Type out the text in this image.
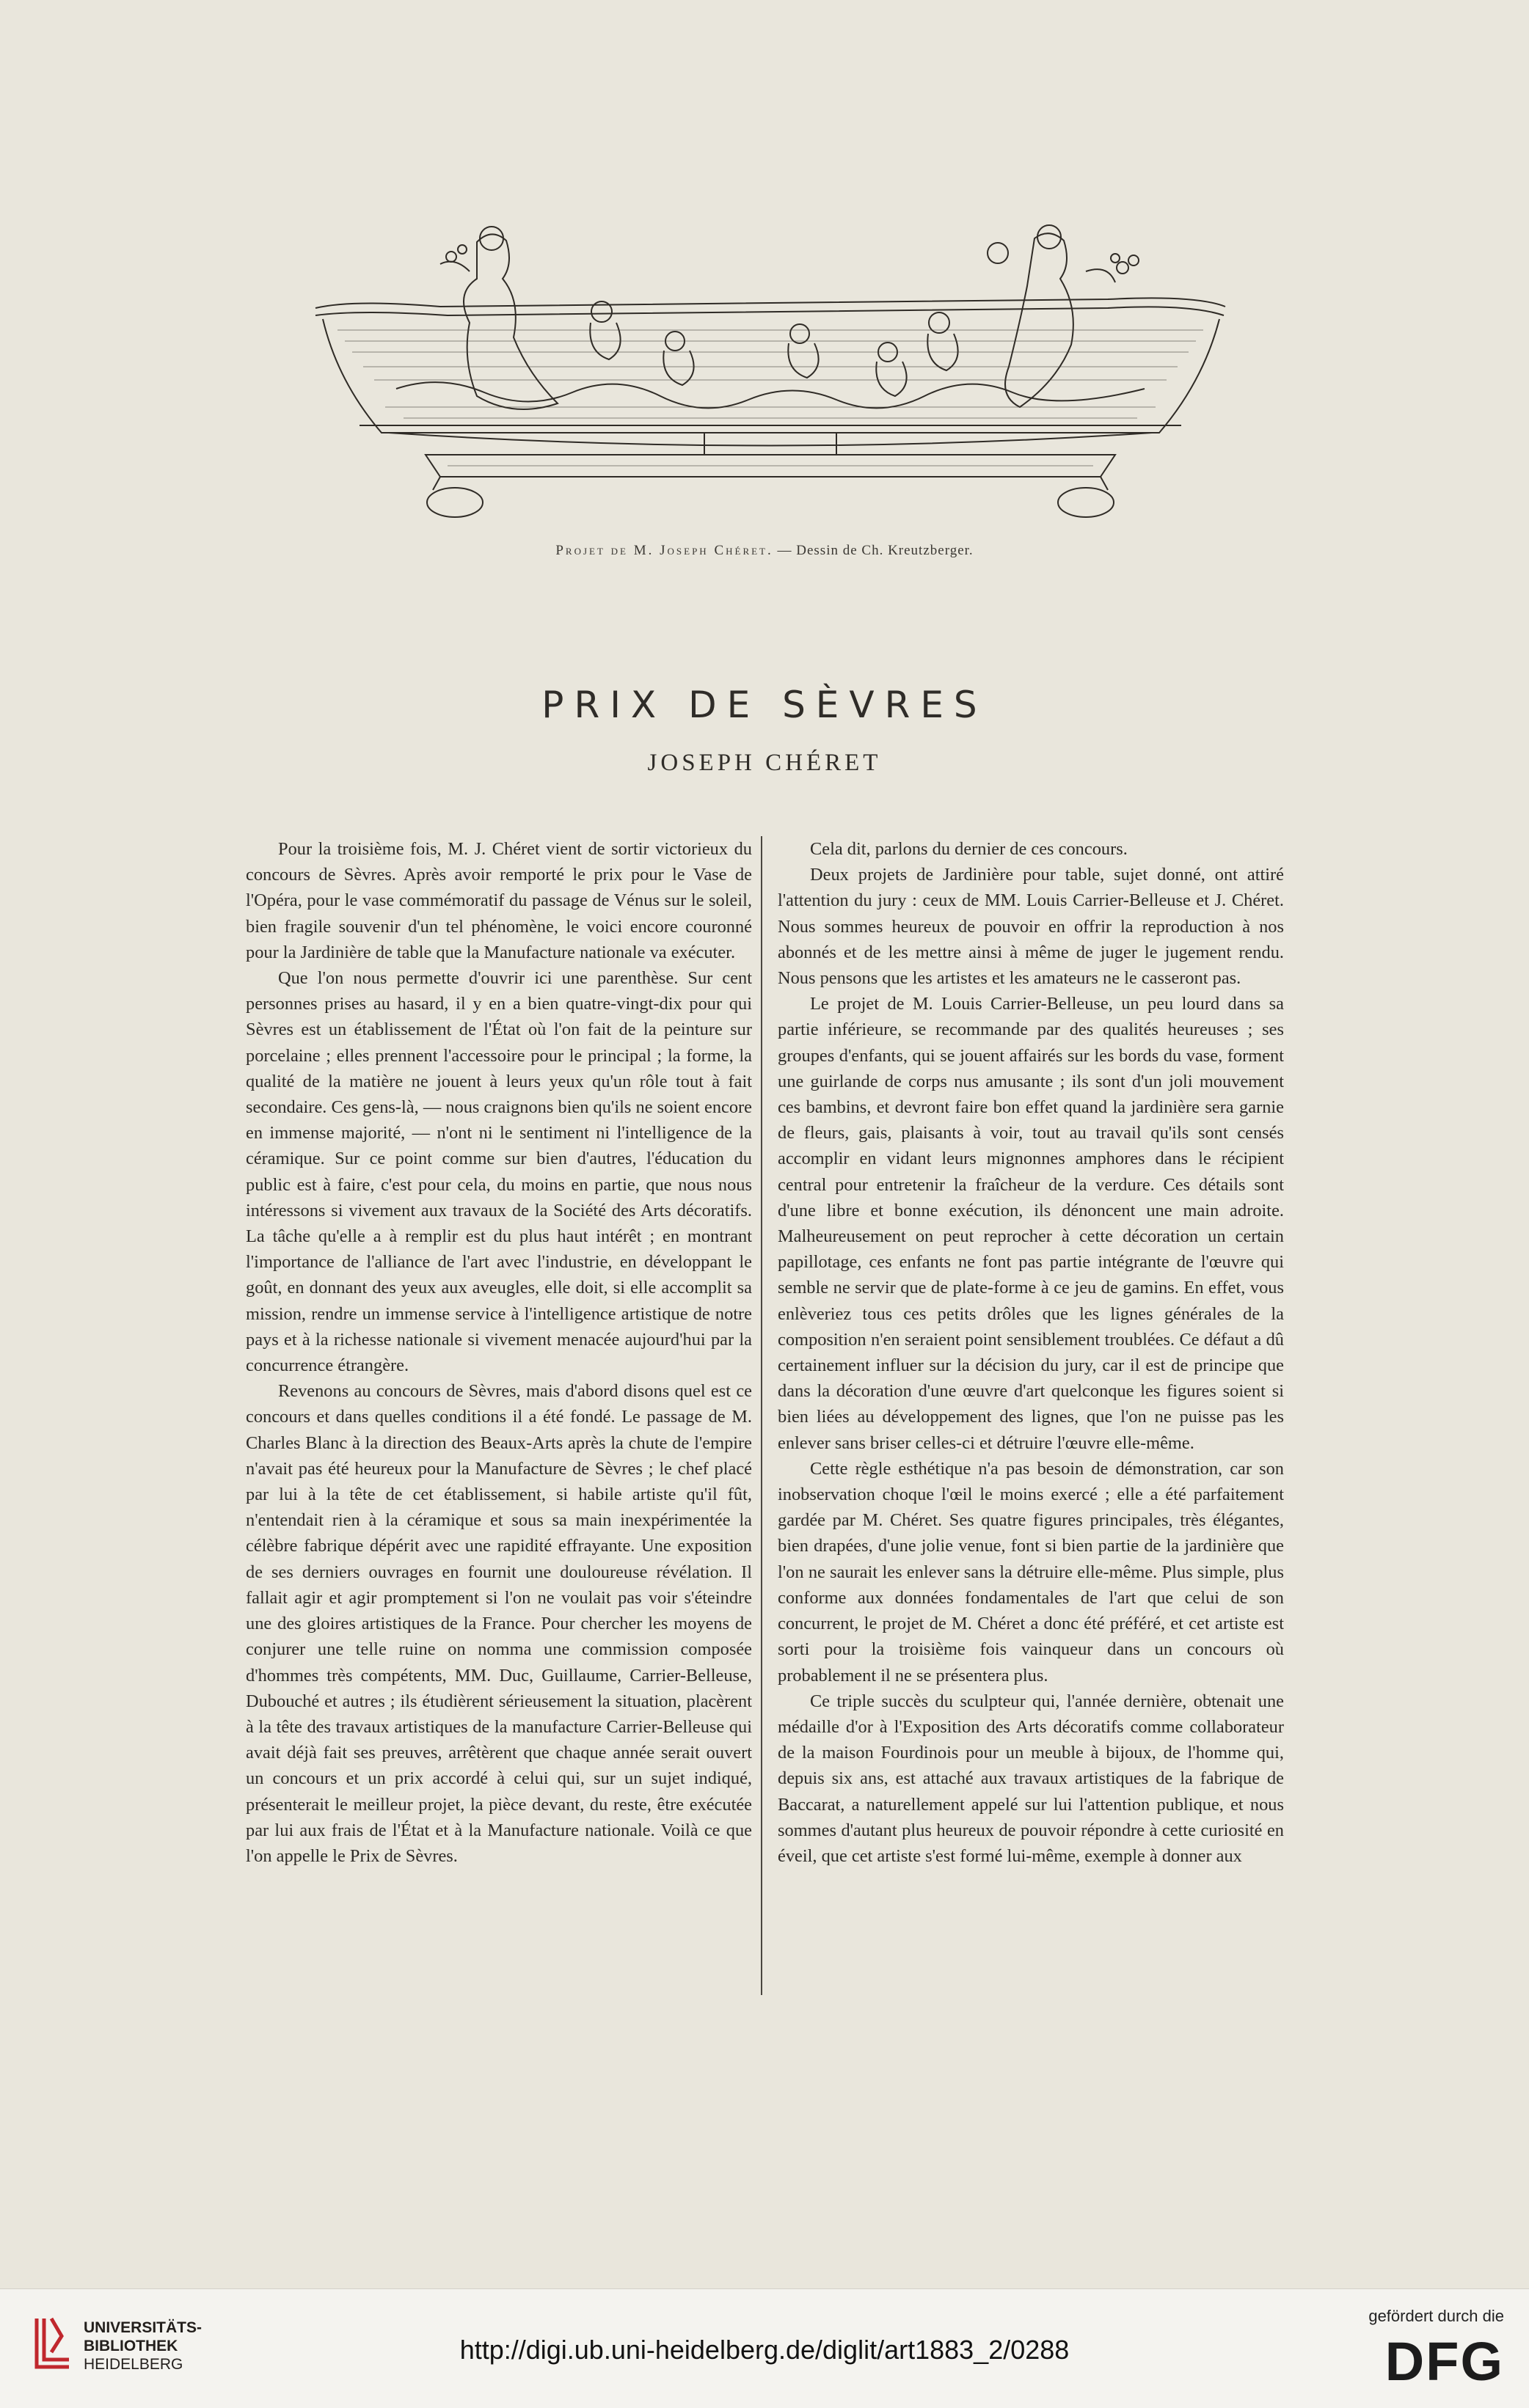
Projet de M. Joseph Chéret. — Dessin de Ch. Kreutzberger.
PRIX DE SÈVRES
JOSEPH CHÉRET

Pour la troisième fois, M. J. Chéret vient de sortir victorieux du concours de Sèvres. Après avoir remporté le prix pour le Vase de l'Opéra, pour le vase commémoratif du passage de Vénus sur le soleil, bien fragile souvenir d'un tel phénomène, le voici encore couronné pour la Jardinière de table que la Manufacture nationale va exécuter.

Que l'on nous permette d'ouvrir ici une parenthèse. Sur cent personnes prises au hasard, il y en a bien quatre-vingt-dix pour qui Sèvres est un établissement de l'État où l'on fait de la peinture sur porcelaine ; elles prennent l'accessoire pour le principal ; la forme, la qualité de la matière ne jouent à leurs yeux qu'un rôle tout à fait secondaire. Ces gens-là, — nous craignons bien qu'ils ne soient encore en immense majorité, — n'ont ni le sentiment ni l'intelligence de la céramique. Sur ce point comme sur bien d'autres, l'éducation du public est à faire, c'est pour cela, du moins en partie, que nous nous intéressons si vivement aux travaux de la Société des Arts décoratifs. La tâche qu'elle a à remplir est du plus haut intérêt ; en montrant l'importance de l'alliance de l'art avec l'industrie, en développant le goût, en donnant des yeux aux aveugles, elle doit, si elle accomplit sa mission, rendre un immense service à l'intelligence artistique de notre pays et à la richesse nationale si vivement menacée aujourd'hui par la concurrence étrangère.

Revenons au concours de Sèvres, mais d'abord disons quel est ce concours et dans quelles conditions il a été fondé. Le passage de M. Charles Blanc à la direction des Beaux-Arts après la chute de l'empire n'avait pas été heureux pour la Manufacture de Sèvres ; le chef placé par lui à la tête de cet établissement, si habile artiste qu'il fût, n'entendait rien à la céramique et sous sa main inexpérimentée la célèbre fabrique dépérit avec une rapidité effrayante. Une exposition de ses derniers ouvrages en fournit une douloureuse révélation. Il fallait agir et agir promptement si l'on ne voulait pas voir s'éteindre une des gloires artistiques de la France. Pour chercher les moyens de conjurer une telle ruine on nomma une commission composée d'hommes très compétents, MM. Duc, Guillaume, Carrier-Belleuse, Dubouché et autres ; ils étudièrent sérieusement la situation, placèrent à la tête des travaux artistiques de la manufacture Carrier-Belleuse qui avait déjà fait ses preuves, arrêtèrent que chaque année serait ouvert un concours et un prix accordé à celui qui, sur un sujet indiqué, présenterait le meilleur projet, la pièce devant, du reste, être exécutée par lui aux frais de l'État et à la Manufacture nationale. Voilà ce que l'on appelle le Prix de Sèvres.

Cela dit, parlons du dernier de ces concours.

Deux projets de Jardinière pour table, sujet donné, ont attiré l'attention du jury : ceux de MM. Louis Carrier-Belleuse et J. Chéret. Nous sommes heureux de pouvoir en offrir la reproduction à nos abonnés et de les mettre ainsi à même de juger le jugement rendu. Nous pensons que les artistes et les amateurs ne le casseront pas.

Le projet de M. Louis Carrier-Belleuse, un peu lourd dans sa partie inférieure, se recommande par des qualités heureuses ; ses groupes d'enfants, qui se jouent affairés sur les bords du vase, forment une guirlande de corps nus amusante ; ils sont d'un joli mouvement ces bambins, et devront faire bon effet quand la jardinière sera garnie de fleurs, gais, plaisants à voir, tout au travail qu'ils sont censés accomplir en vidant leurs mignonnes amphores dans le récipient central pour entretenir la fraîcheur de la verdure. Ces détails sont d'une libre et bonne exécution, ils dénoncent une main adroite. Malheureusement on peut reprocher à cette décoration un certain papillotage, ces enfants ne font pas partie intégrante de l'œuvre qui semble ne servir que de plate-forme à ce jeu de gamins. En effet, vous enlèveriez tous ces petits drôles que les lignes générales de la composition n'en seraient point sensiblement troublées. Ce défaut a dû certainement influer sur la décision du jury, car il est de principe que dans la décoration d'une œuvre d'art quelconque les figures soient si bien liées au développement des lignes, que l'on ne puisse pas les enlever sans briser celles-ci et détruire l'œuvre elle-même.

Cette règle esthétique n'a pas besoin de démonstration, car son inobservation choque l'œil le moins exercé ; elle a été parfaitement gardée par M. Chéret. Ses quatre figures principales, très élégantes, bien drapées, d'une jolie venue, font si bien partie de la jardinière que l'on ne saurait les enlever sans la détruire elle-même. Plus simple, plus conforme aux données fondamentales de l'art que celui de son concurrent, le projet de M. Chéret a donc été préféré, et cet artiste est sorti pour la troisième fois vainqueur dans un concours où probablement il ne se présentera plus.

Ce triple succès du sculpteur qui, l'année dernière, obtenait une médaille d'or à l'Exposition des Arts décoratifs comme collaborateur de la maison Fourdinois pour un meuble à bijoux, de l'homme qui, depuis six ans, est attaché aux travaux artistiques de la fabrique de Baccarat, a naturellement appelé sur lui l'attention publique, et nous sommes d'autant plus heureux de pouvoir répondre à cette curiosité en éveil, que cet artiste s'est formé lui-même, exemple à donner aux

UNIVERSITÄTS-
BIBLIOTHEK
HEIDELBERG	http://digi.ub.uni-heidelberg.de/diglit/art1883_2/0288
gefördert durch die
DFG
